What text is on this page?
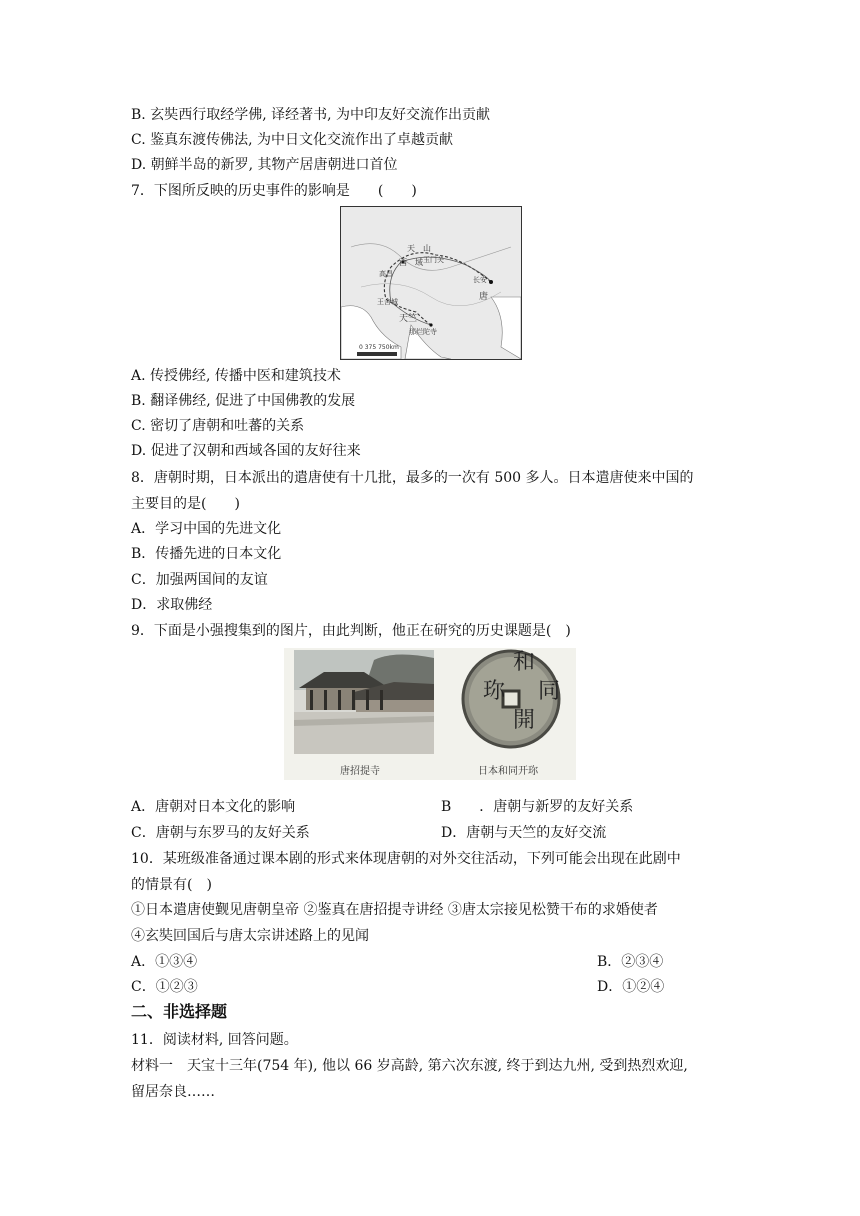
B. 玄奘西行取经学佛, 译经著书, 为中印友好交流作出贡献
C. 鉴真东渡传佛法, 为中日文化交流作出了卓越贡献
D. 朝鲜半岛的新罗, 其物产居唐朝进口首位
7．下图所反映的历史事件的影响是　　(　　)
天　山
西　域
高昌
玉门关
长安
唐
天竺
王舍城
那烂陀寺
0 375 750km
A. 传授佛经, 传播中医和建筑技术
B. 翻译佛经, 促进了中国佛教的发展
C. 密切了唐朝和吐蕃的关系
D. 促进了汉朝和西域各国的友好往来
8．唐朝时期，日本派出的遣唐使有十几批，最多的一次有 500 多人。日本遣唐使来中国的
主要目的是(　　)
A．学习中国的先进文化
B．传播先进的日本文化
C．加强两国间的友谊
D．求取佛经
9．下面是小强搜集到的图片，由此判断，他正在研究的历史课题是(　)
和
同
開
珎
唐招提寺	日本和同开珎
A．唐朝对日本文化的影响	B　　．唐朝与新罗的友好关系
C．唐朝与东罗马的友好关系	D．唐朝与天竺的友好交流
10．某班级准备通过课本剧的形式来体现唐朝的对外交往活动，下列可能会出现在此剧中
的情景有(　)
①日本遣唐使觐见唐朝皇帝 ②鉴真在唐招提寺讲经 ③唐太宗接见松赞干布的求婚使者
④玄奘回国后与唐太宗讲述路上的见闻
A．①③④	B．②③④
C．①②③	D．①②④
二、非选择题
11．阅读材料, 回答问题。
材料一　天宝十三年(754 年), 他以 66 岁高龄, 第六次东渡, 终于到达九州, 受到热烈欢迎,
留居奈良……
